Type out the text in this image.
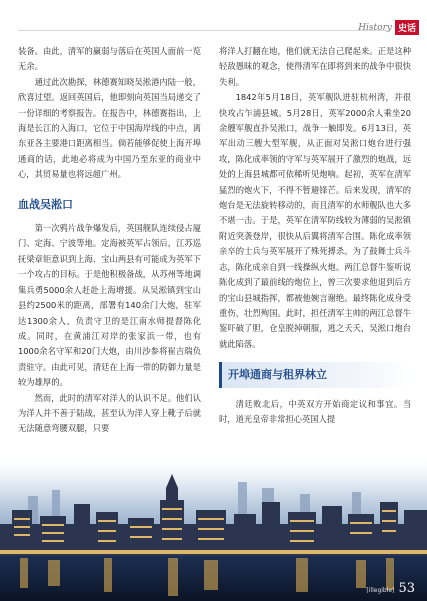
History 史话

装备。由此，清军的赢弱与落后在英国人面前一览无余。

通过此次勘探，林德赛知晓吴淞港内陆一般，欣喜过望。返回英国后，他即刻向英国当局递交了一份详细的考察报告。在报告中，林德赛指出，上海是长江的入海口，它位于中国海岸线的中点，离东亚各主要港口距离相当。倘若能够促使上海开埠通商的话，此地必将成为中国乃至东亚的商业中心，其贸易量也将远超广州。

血战吴淞口

第一次鸦片战争爆发后，英国舰队连续侵占厦门、定海、宁波等地。定海被英军占领后，江苏巡抚梁章钜意识到上海、宝山两县有可能成为英军下一个攻占的目标。于是他积极备战，从苏州等地调集兵勇5000余人赶赴上海增援。从吴淞镇到宝山县约2500米的距离，部署有140余门大炮，驻军达1300余人，负责守卫的是江南水师提督陈化成。同时，在黄浦江对岸的张家浜一带，也有1000余名守军和20门大炮，由川沙参将崔吉瑞负责驻守。由此可见，清廷在上海一带的防御力量是较为雄厚的。

然而，此时的清军对洋人的认识不足。他们认为洋人并不善于陆战，甚至认为洋人穿上靴子后就无法随意弯腰双腿，只要

将洋人打翻在地，他们就无法自己爬起来。正是这种轻敌愚昧的观念，使得清军在即将到来的战争中很快失利。

1842年5月18日，英军舰队进驻杭州湾，并很快攻占乍浦县城。5月28日，英军2000余人乘坐20余艘军舰直扑吴淞口，战争一触即发。6月13日，英军出动三艘大型军舰，从正面对吴淞口炮台进行强攻，陈化成率领的守军与英军展开了激烈的炮战，远处的上海县城都可依稀听见炮响。起初，英军在清军猛烈的炮火下，不得不暂避锋芒。后来发现，清军的炮台是无法旋转移动的，而且清军的水师舰队也大多不堪一击。于是，英军在清军防线较为薄弱的吴淞镇附近突袭登岸，很快从后翼将清军合围。陈化成率领亲卒的士兵与英军展开了殊死搏杀。为了鼓舞士兵斗志，陈化成亲自到一线操纵火炮。两江总督牛鉴听说陈化成到了最前线的炮位上，曾三次要求他退到后方的宝山县城指挥，都被他婉言谢绝。最终陈化成身受重伤，壮烈殉国。此时，担任清军主帅的两江总督牛鉴吓破了胆，仓皇脱掉朝服，逃之夭夭，吴淞口炮台就此陷落。

开埠通商与租界林立

清廷败北后，中英双方开始商定议和事宜。当时，道光皇帝非常担心英国人提

[illegible] 53
